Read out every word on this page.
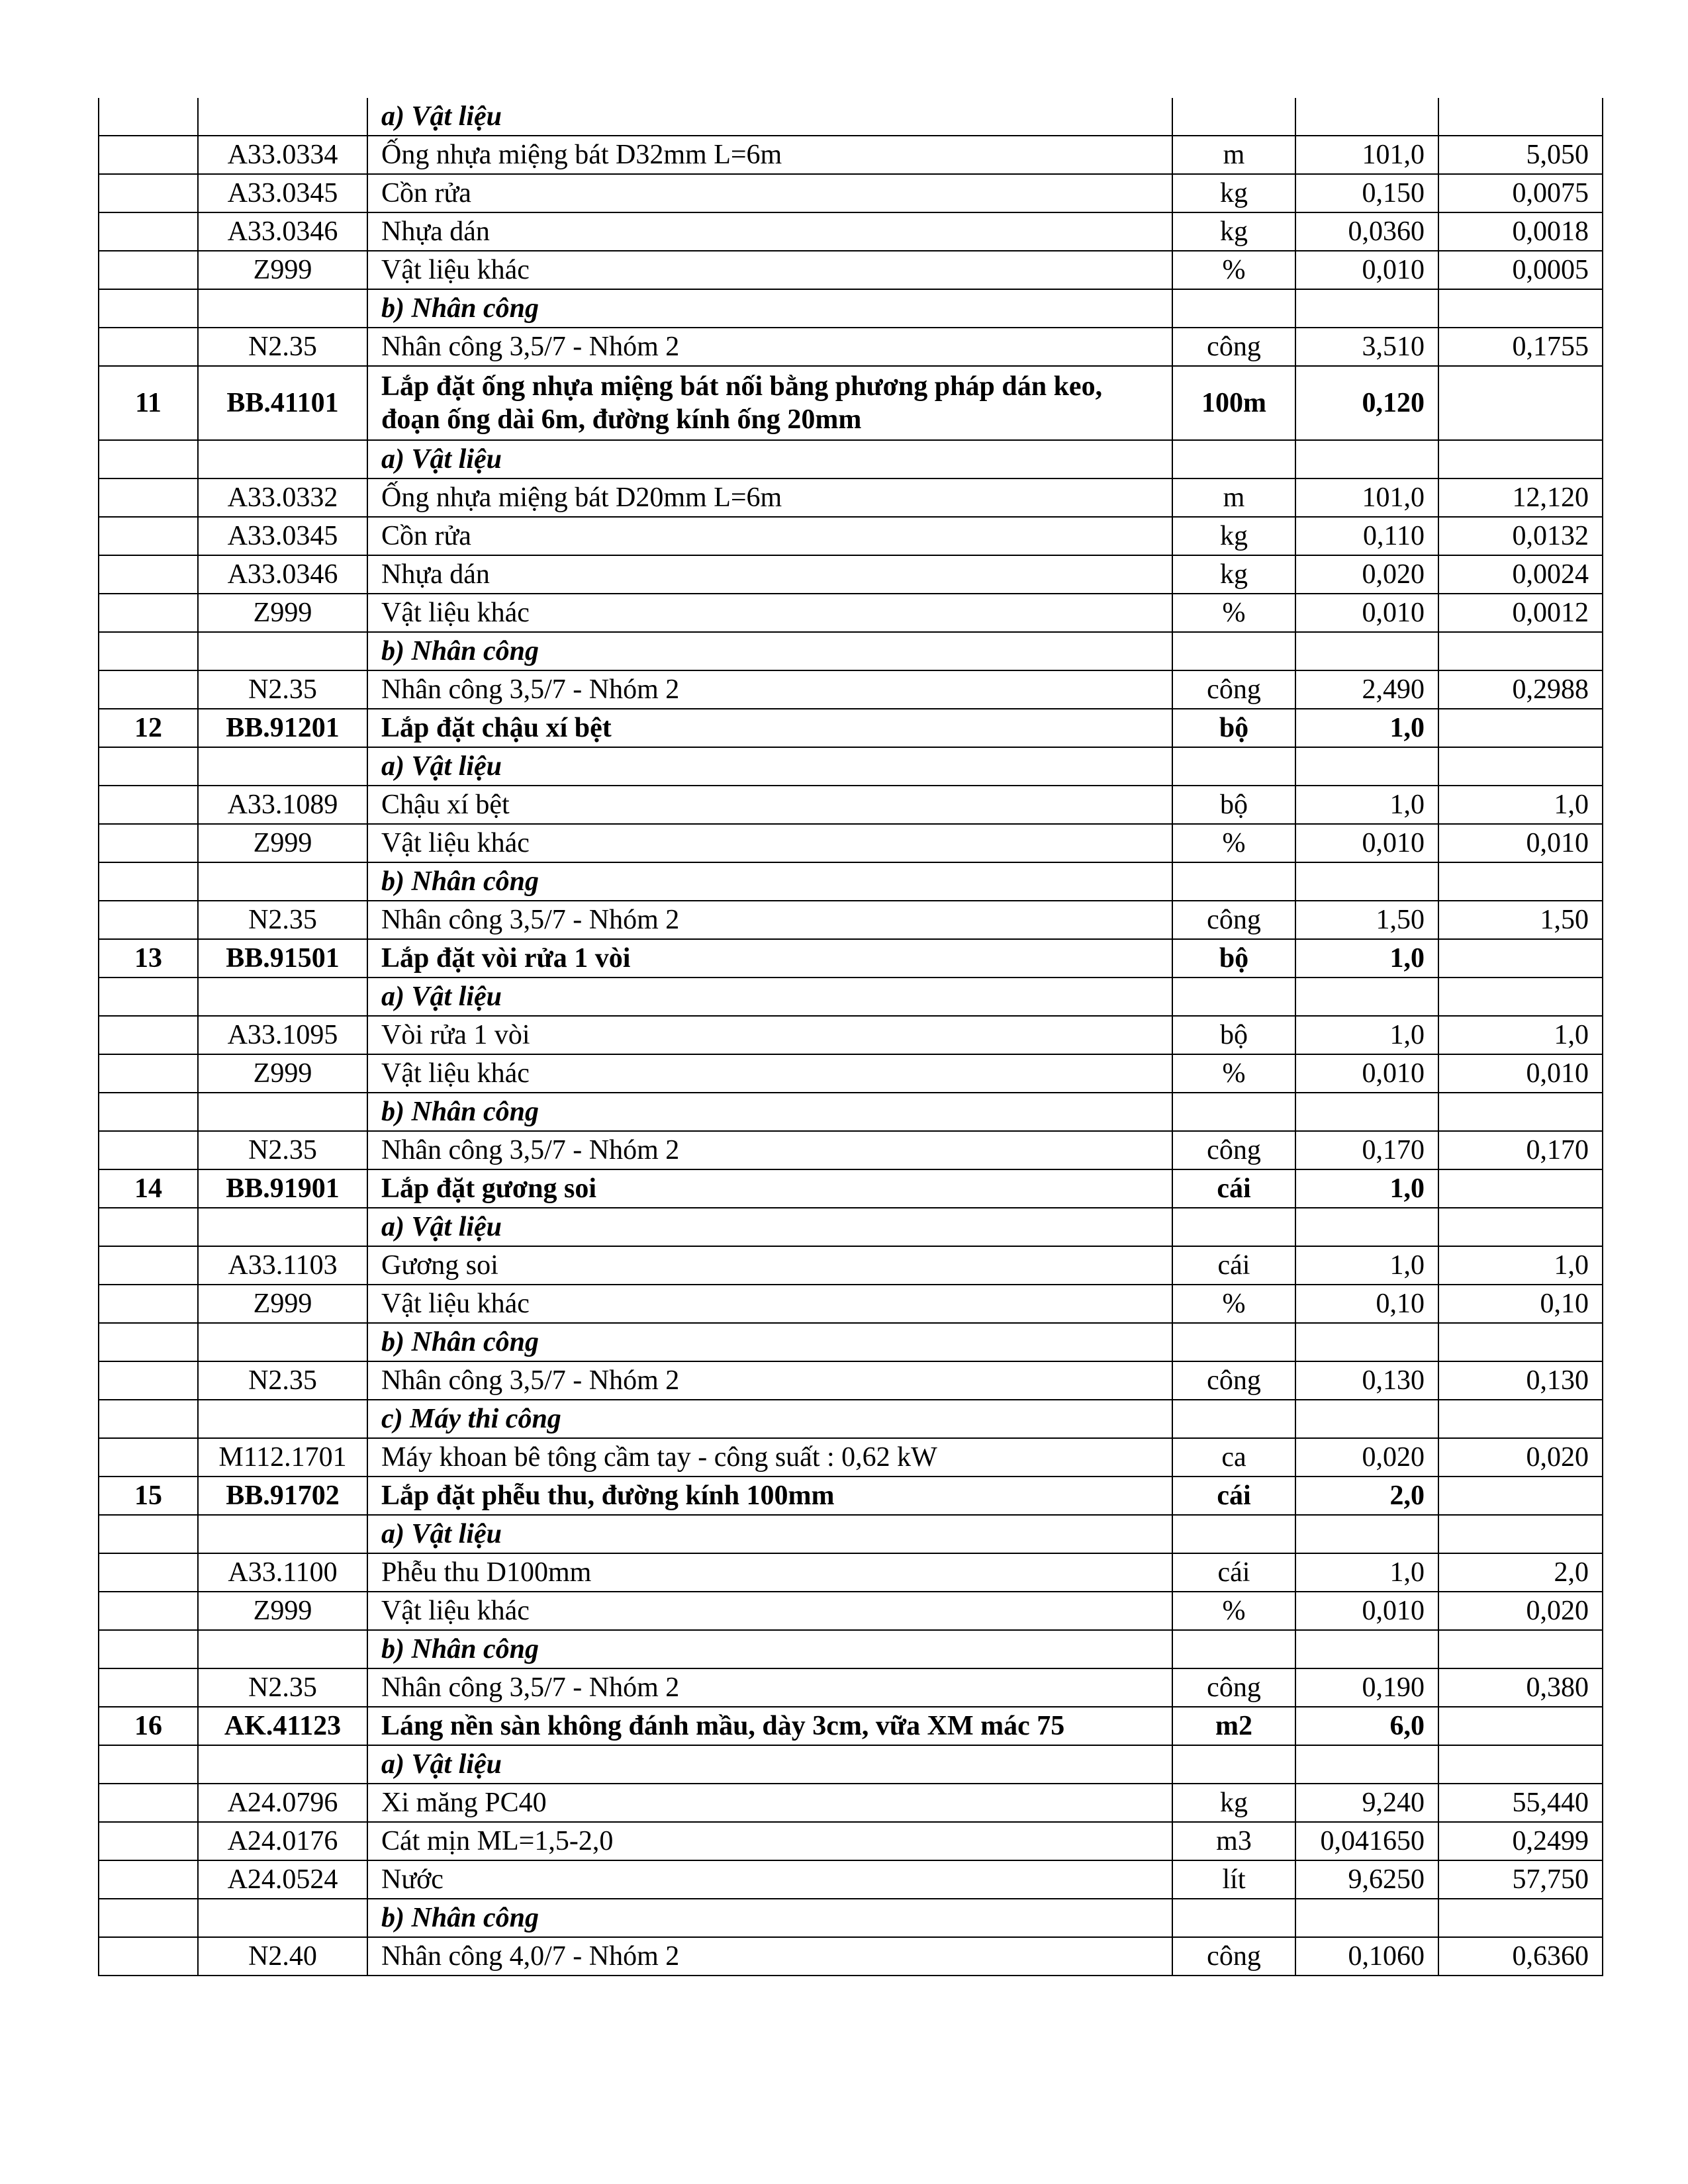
		a) Vật liệu			
	A33.0334	Ống nhựa miệng bát D32mm L=6m	m	101,0	5,050
	A33.0345	Cồn rửa	kg	0,150	0,0075
	A33.0346	Nhựa dán	kg	0,0360	0,0018
	Z999	Vật liệu khác	%	0,010	0,0005
		b) Nhân công			
	N2.35	Nhân công 3,5/7 - Nhóm 2	công	3,510	0,1755
11	BB.41101	Lắp đặt ống nhựa miệng bát nối bằng phương pháp dán keo, đoạn ống dài 6m, đường kính ống 20mm	100m	0,120	
		a) Vật liệu			
	A33.0332	Ống nhựa miệng bát D20mm L=6m	m	101,0	12,120
	A33.0345	Cồn rửa	kg	0,110	0,0132
	A33.0346	Nhựa dán	kg	0,020	0,0024
	Z999	Vật liệu khác	%	0,010	0,0012
		b) Nhân công			
	N2.35	Nhân công 3,5/7 - Nhóm 2	công	2,490	0,2988
12	BB.91201	Lắp đặt chậu xí bệt	bộ	1,0	
		a) Vật liệu			
	A33.1089	Chậu xí bệt	bộ	1,0	1,0
	Z999	Vật liệu khác	%	0,010	0,010
		b) Nhân công			
	N2.35	Nhân công 3,5/7 - Nhóm 2	công	1,50	1,50
13	BB.91501	Lắp đặt vòi rửa 1 vòi	bộ	1,0	
		a) Vật liệu			
	A33.1095	Vòi rửa 1 vòi	bộ	1,0	1,0
	Z999	Vật liệu khác	%	0,010	0,010
		b) Nhân công			
	N2.35	Nhân công 3,5/7 - Nhóm 2	công	0,170	0,170
14	BB.91901	Lắp đặt gương soi	cái	1,0	
		a) Vật liệu			
	A33.1103	Gương soi	cái	1,0	1,0
	Z999	Vật liệu khác	%	0,10	0,10
		b) Nhân công			
	N2.35	Nhân công 3,5/7 - Nhóm 2	công	0,130	0,130
		c) Máy thi công			
	M112.1701	Máy khoan bê tông cầm tay - công suất : 0,62 kW	ca	0,020	0,020
15	BB.91702	Lắp đặt phễu thu, đường kính 100mm	cái	2,0	
		a) Vật liệu			
	A33.1100	Phễu thu D100mm	cái	1,0	2,0
	Z999	Vật liệu khác	%	0,010	0,020
		b) Nhân công			
	N2.35	Nhân công 3,5/7 - Nhóm 2	công	0,190	0,380
16	AK.41123	Láng nền sàn không đánh mầu, dày 3cm, vữa XM mác 75	m2	6,0	
		a) Vật liệu			
	A24.0796	Xi măng PC40	kg	9,240	55,440
	A24.0176	Cát mịn ML=1,5-2,0	m3	0,041650	0,2499
	A24.0524	Nước	lít	9,6250	57,750
		b) Nhân công			
	N2.40	Nhân công 4,0/7 - Nhóm 2	công	0,1060	0,6360
